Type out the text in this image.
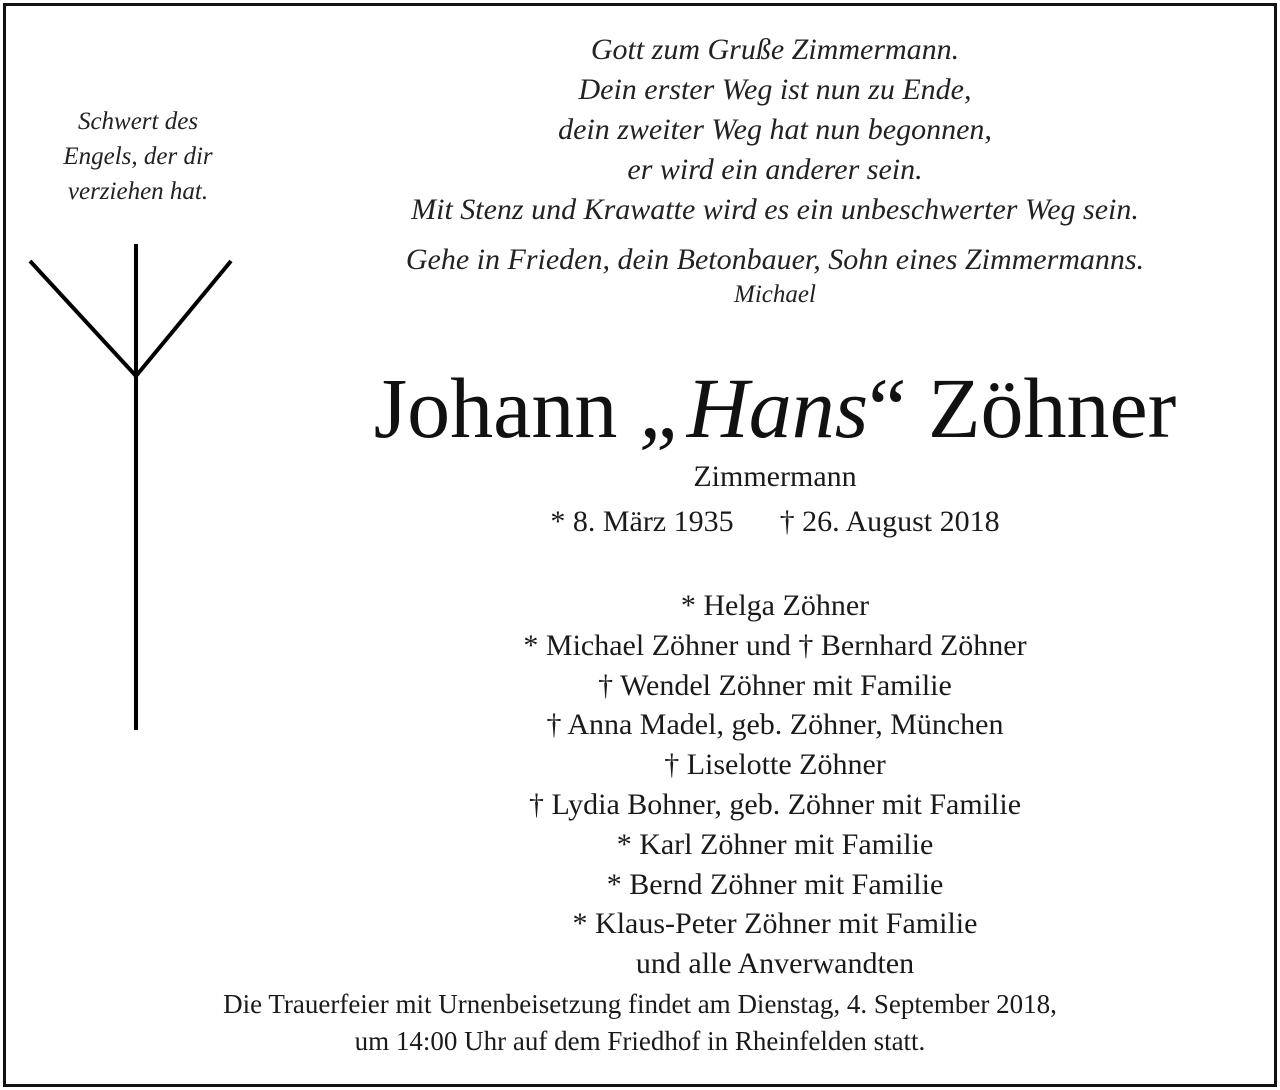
Schwert des
Engels, der dir
verziehen hat.
Gott zum Gruße Zimmermann.
Dein erster Weg ist nun zu Ende,
dein zweiter Weg hat nun begonnen,
er wird ein anderer sein.
Mit Stenz und Krawatte wird es ein unbeschwerter Weg sein.
Gehe in Frieden, dein Betonbauer, Sohn eines Zimmermanns.
Michael
Johann „Hans“ Zöhner
Zimmermann
* 8. März 1935 † 26. August 2018
* Helga Zöhner
* Michael Zöhner und † Bernhard Zöhner
† Wendel Zöhner mit Familie
† Anna Madel, geb. Zöhner, München
† Liselotte Zöhner
† Lydia Bohner, geb. Zöhner mit Familie
* Karl Zöhner mit Familie
* Bernd Zöhner mit Familie
* Klaus-Peter Zöhner mit Familie
und alle Anverwandten
Die Trauerfeier mit Urnenbeisetzung findet am Dienstag, 4. September 2018,
um 14:00 Uhr auf dem Friedhof in Rheinfelden statt.
